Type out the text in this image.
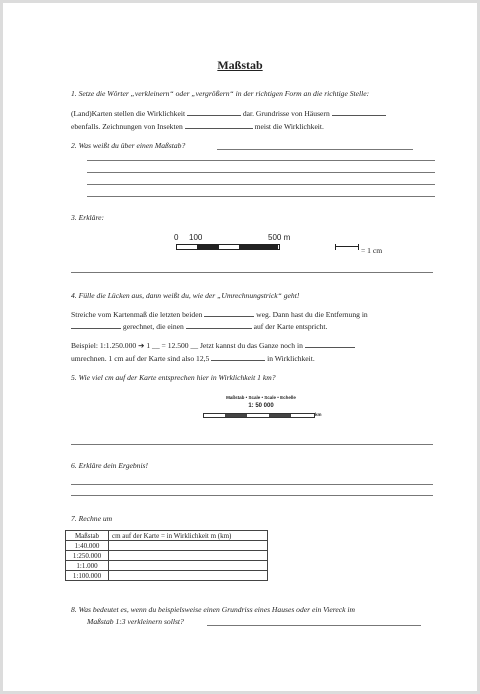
Maßstab
1. Setze die Wörter „verkleinern“ oder „vergrößern“ in der richtigen Form an die richtige Stelle:
(Land)Karten stellen die Wirklichkeit	dar. Grundrisse von Häusern
ebenfalls. Zeichnungen von Insekten	meist die Wirklichkeit.
2. Was weißt du über einen Maßstab?
3. Erkläre:
0 100	500 m
= 1 cm
4. Fülle die Lücken aus, dann weißt du, wie der „Umrechnungstrick“ geht!
Streiche vom Kartenmaß die letzten beiden	weg. Dann hast du die Entfernung in
gerechnet, die einen	auf der Karte entspricht.
Beispiel: 1:1.250.000 ➔ 1 __ = 12.500 __ Jetzt kannst du das Ganze noch in
umrechnen. 1 cm auf der Karte sind also 12,5	in Wirklichkeit.
5. Wie viel cm auf der Karte entsprechen hier in Wirklichkeit 1 km?
Maßstab • Scale • Scale • Echelle
1: 50 000
km
6. Erkläre dein Ergebnis!
7. Rechne um
Maßstab	cm auf der Karte = in Wirklichkeit m (km)
1:40.000	
1:250.000	
1:1.000	
1:100.000	
8. Was bedeutet es, wenn du beispielsweise einen Grundriss eines Hauses oder ein Viereck im
Maßstab 1:3 verkleinern sollst?
